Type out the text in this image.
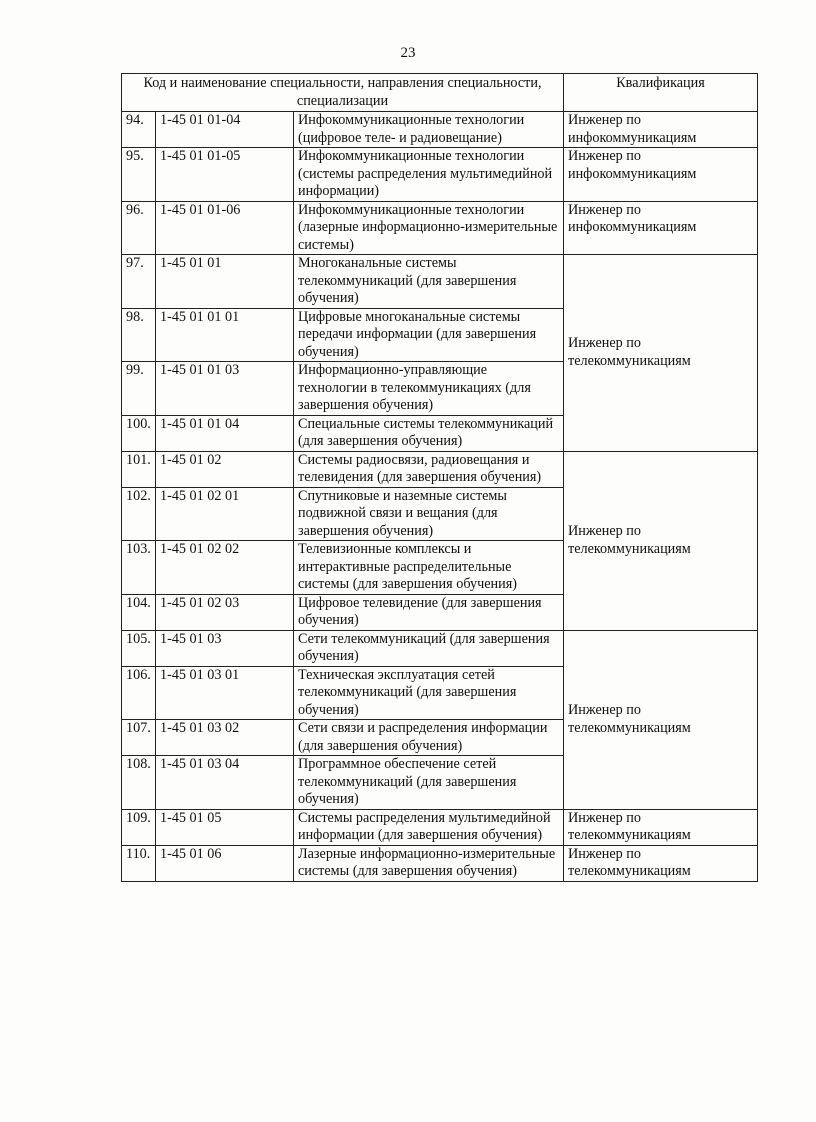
23
Код и наименование специальности, направления специальности, специализации			Квалификация
94.	1-45 01 01-04	Инфокоммуникационные технологии (цифровое теле- и радиовещание)	Инженер по инфокоммуникациям
95.	1-45 01 01-05	Инфокоммуникационные технологии (системы распределения мультимедийной информации)	Инженер по инфокоммуникациям
96.	1-45 01 01-06	Инфокоммуникационные технологии (лазерные информационно-измерительные системы)	Инженер по инфокоммуникациям
97.	1-45 01 01	Многоканальные системы телекоммуникаций (для завершения обучения)	Инженер по телекоммуникациям
98.	1-45 01 01 01	Цифровые многоканальные системы передачи информации (для завершения обучения)	
99.	1-45 01 01 03	Информационно-управляющие технологии в телекоммуникациях (для завершения обучения)	
100.	1-45 01 01 04	Специальные системы телекоммуникаций (для завершения обучения)	
101.	1-45 01 02	Системы радиосвязи, радиовещания и телевидения (для завершения обучения)	Инженер по телекоммуникациям
102.	1-45 01 02 01	Спутниковые и наземные системы подвижной связи и вещания (для завершения обучения)	
103.	1-45 01 02 02	Телевизионные комплексы и интерактивные распределительные системы (для завершения обучения)	
104.	1-45 01 02 03	Цифровое телевидение (для завершения обучения)	
105.	1-45 01 03	Сети телекоммуникаций (для завершения обучения)	Инженер по телекоммуникациям
106.	1-45 01 03 01	Техническая эксплуатация сетей телекоммуникаций (для завершения обучения)	
107.	1-45 01 03 02	Сети связи и распределения информации (для завершения обучения)	
108.	1-45 01 03 04	Программное обеспечение сетей телекоммуникаций (для завершения обучения)	
109.	1-45 01 05	Системы распределения мультимедийной информации (для завершения обучения)	Инженер по телекоммуникациям
110.	1-45 01 06	Лазерные информационно-измерительные системы (для завершения обучения)	Инженер по телекоммуникациям
